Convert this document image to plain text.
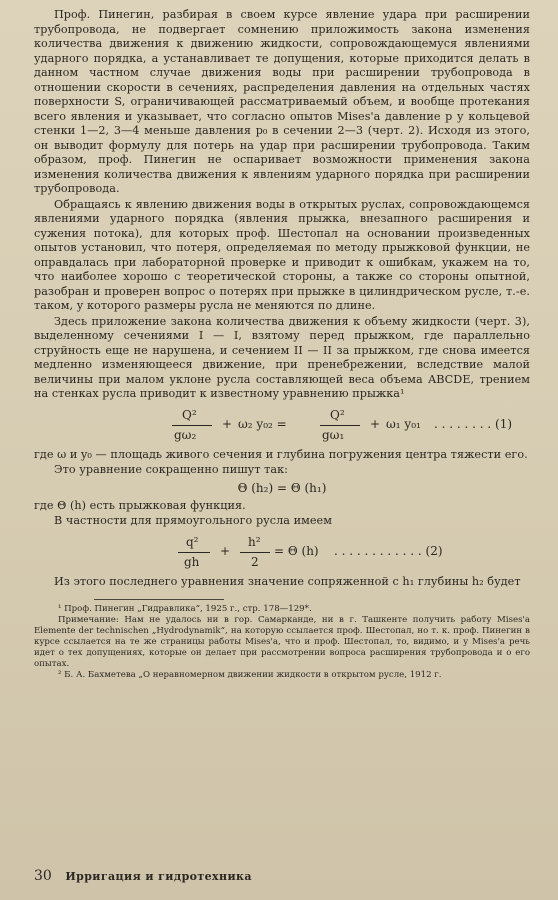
Проф. Пинегин, разбирая в своем курсе явление удара при расширении трубопровода, не подвергает сомнению приложимость закона изменения количества движения к движению жидкости, сопровождающемуся явлениями ударного порядка, а устанавливает те допущения, которые приходится делать в данном частном случае движения воды при расширении трубопровода в отношении скорости в сечениях, распределения давления на отдельных частях поверхности S, ограничивающей рассматриваемый объем, и вообще протекания всего явления и указывает, что согласно опытов Mises'а давление p у кольцевой стенки 1—2, 3—4 меньше давления p₀ в сечении 2—3 (черт. 2). Исходя из этого, он выводит формулу для потерь на удар при расширении трубопровода. Таким образом, проф. Пинегин не оспаривает возможности применения закона изменения количества движения к явлениям ударного порядка при расширении трубопровода.

Обращаясь к явлению движения воды в открытых руслах, сопровождающемся явлениями ударного порядка (явления прыжка, внезапного расширения и сужения потока), для которых проф. Шестопал на основании произведенных опытов установил, что потеря, определяемая по методу прыжковой функции, не оправдалась при лабораторной проверке и приводит к ошибкам, укажем на то, что наиболее хорошо с теоретической стороны, а также со стороны опытной, разобран и проверен вопрос о потерях при прыжке в цилиндрическом русле, т.-е. таком, у которого размеры русла не меняются по длине.

Здесь приложение закона количества движения к объему жидкости (черт. 3), выделенному сечениями I — I, взятому перед прыжком, где параллельно струйность еще не нарушена, и сечением II — II за прыжком, где снова имеется медленно изменяющееся движение, при пренебрежении, вследствие малой величины при малом уклоне русла составляющей веса объема ABCDE, трением на стенках русла приводит к известному уравнению прыжка¹

Q²
gω₂
+ ω₂ y₀₂ =
Q²
gω₁
+ ω₁ y₀₁ . . . . . . . . (1)

где ω и y₀ — площадь живого сечения и глубина погружения центра тяжести его.

Это уравнение сокращенно пишут так:

Θ (h₂) = Θ (h₁)

где Θ (h) есть прыжковая функция.

В частности для прямоугольного русла имеем

q²
gh
+
h²
2
= Θ (h) . . . . . . . . . . . . (2)

Из этого последнего уравнения значение сопряженной с h₁ глубины h₂ будет

¹ Проф. Пинегин „Гидравлика“, 1925 г., стр. 178—129*.

Примечание: Нам не удалось ни в гор. Самарканде, ни в г. Ташкенте получить работу Mises'а Elemente der technischen „Hydrodynamik“, на которую ссылается проф. Шестопал, но т. к. проф. Пинегин в курсе ссылается на те же страницы работы Mises'а, что и проф. Шестопал, то, видимо, и у Mises'а речь идет о тех допущениях, которые он делает при рассмотрении вопроса расширения трубопровода и о его опытах.

² Б. А. Бахметева „О неравномерном движении жидкости в открытом русле, 1912 г.

30 Ирригация и гидротехника
